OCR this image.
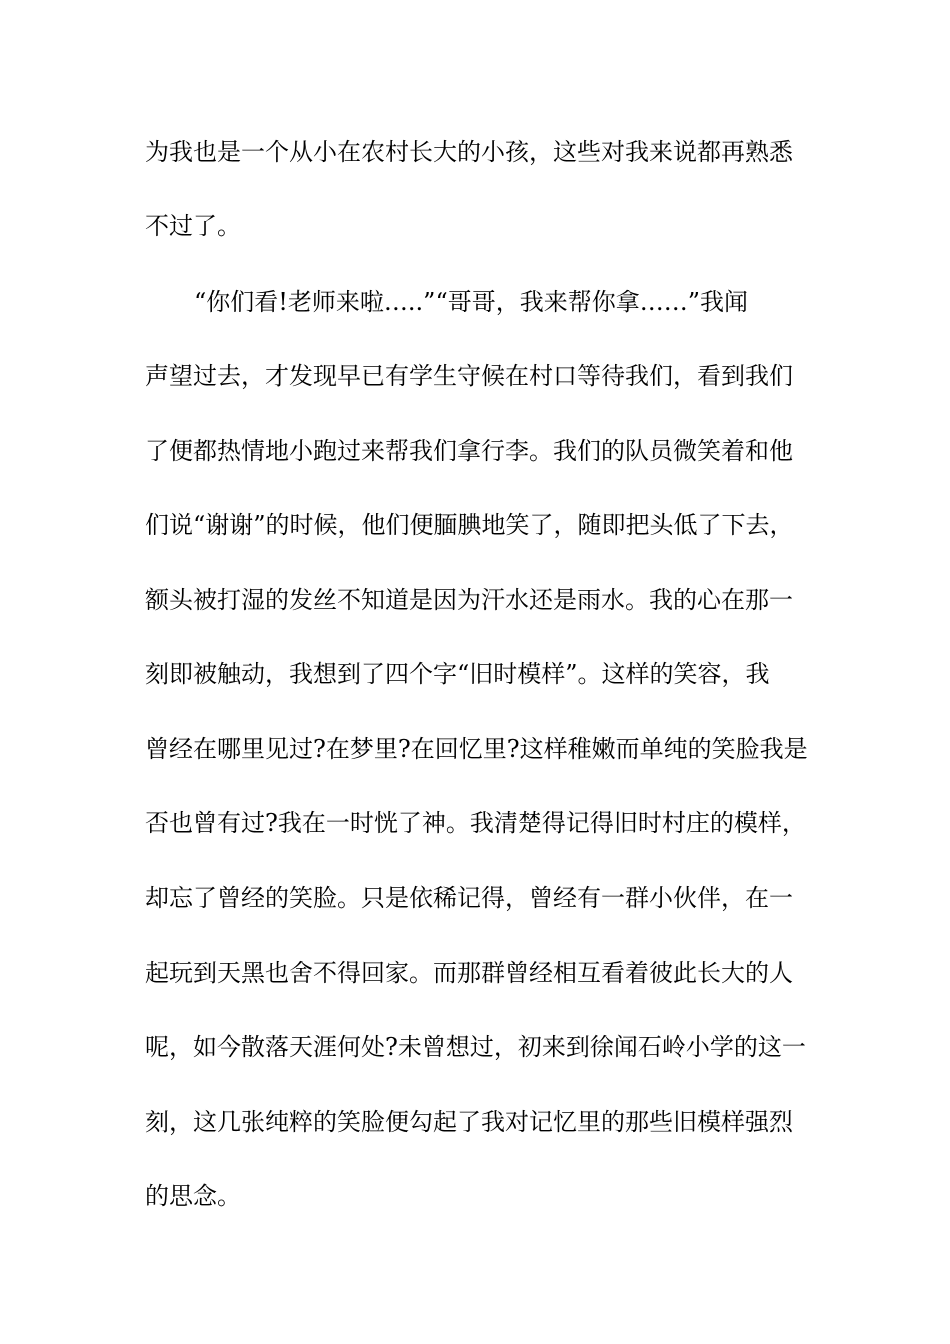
为我也是一个从小在农村长大的小孩，这些对我来说都再熟悉
不过了。
“你们看!老师来啦…..”“哥哥，我来帮你拿……”我闻
声望过去，才发现早已有学生守候在村口等待我们，看到我们
了便都热情地小跑过来帮我们拿行李。我们的队员微笑着和他
们说“谢谢”的时候，他们便腼腆地笑了，随即把头低了下去，
额头被打湿的发丝不知道是因为汗水还是雨水。我的心在那一
刻即被触动，我想到了四个字“旧时模样”。这样的笑容，我
曾经在哪里见过?在梦里?在回忆里?这样稚嫩而单纯的笑脸我是
否也曾有过?我在一时恍了神。我清楚得记得旧时村庄的模样，
却忘了曾经的笑脸。只是依稀记得，曾经有一群小伙伴，在一
起玩到天黑也舍不得回家。而那群曾经相互看着彼此长大的人
呢，如今散落天涯何处?未曾想过，初来到徐闻石岭小学的这一
刻，这几张纯粹的笑脸便勾起了我对记忆里的那些旧模样强烈
的思念。
